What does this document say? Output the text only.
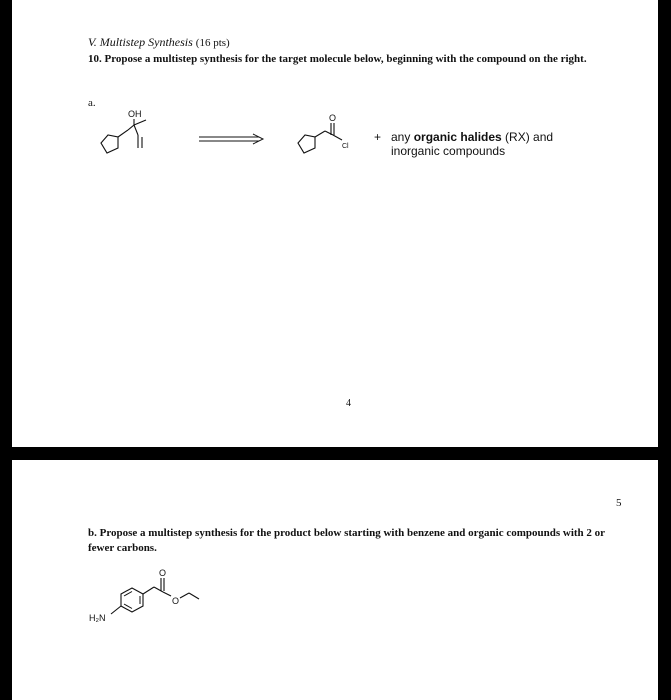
V. Multistep Synthesis (16 pts)

10. Propose a multistep synthesis for the target molecule below, beginning with the compound on the right.

a.

OH	O
Cl
+ any organic halides (RX) and
inorganic compounds

4

5

b. Propose a multistep synthesis for the product below starting with benzene and organic compounds with 2 or fewer carbons.

H₂N
O
O
